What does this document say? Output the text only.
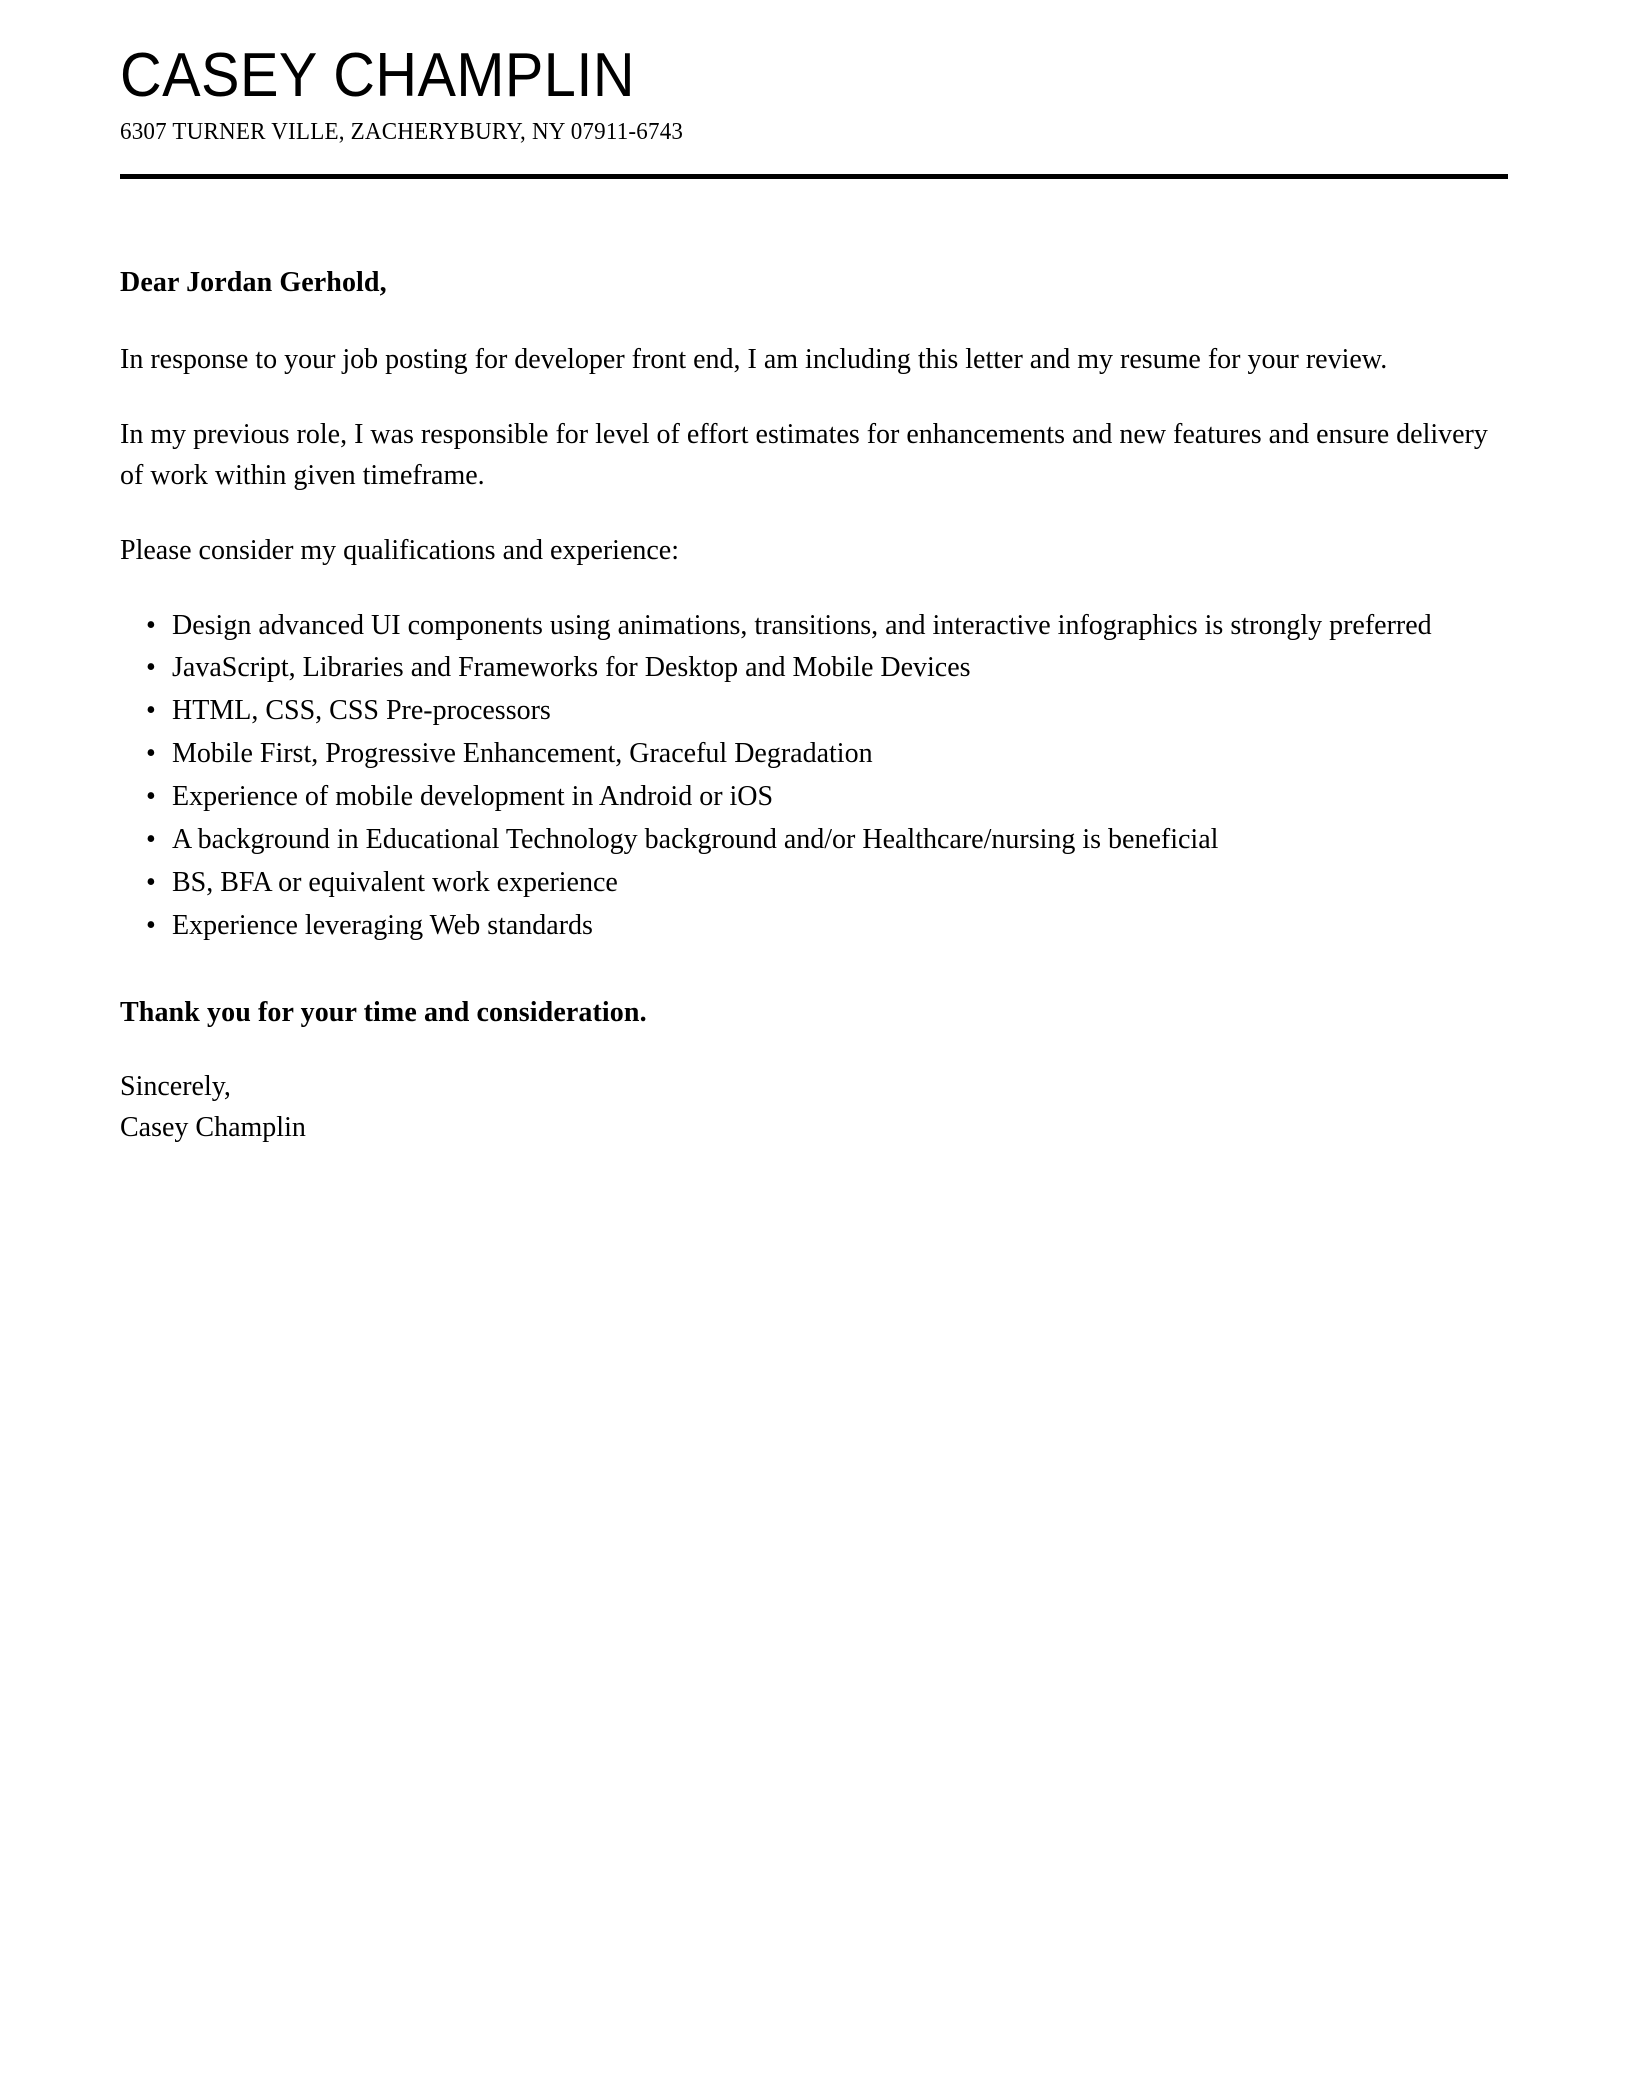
CASEY CHAMPLIN
6307 TURNER VILLE, ZACHERYBURY, NY 07911-6743

Dear Jordan Gerhold,

In response to your job posting for developer front end, I am including this letter and my resume for your review.

In my previous role, I was responsible for level of effort estimates for enhancements and new features and ensure delivery of work within given timeframe.

Please consider my qualifications and experience:

• Design advanced UI components using animations, transitions, and interactive infographics is strongly preferred
• JavaScript, Libraries and Frameworks for Desktop and Mobile Devices
• HTML, CSS, CSS Pre-processors
• Mobile First, Progressive Enhancement, Graceful Degradation
• Experience of mobile development in Android or iOS
• A background in Educational Technology background and/or Healthcare/nursing is beneficial
• BS, BFA or equivalent work experience
• Experience leveraging Web standards

Thank you for your time and consideration.

Sincerely,
Casey Champlin
